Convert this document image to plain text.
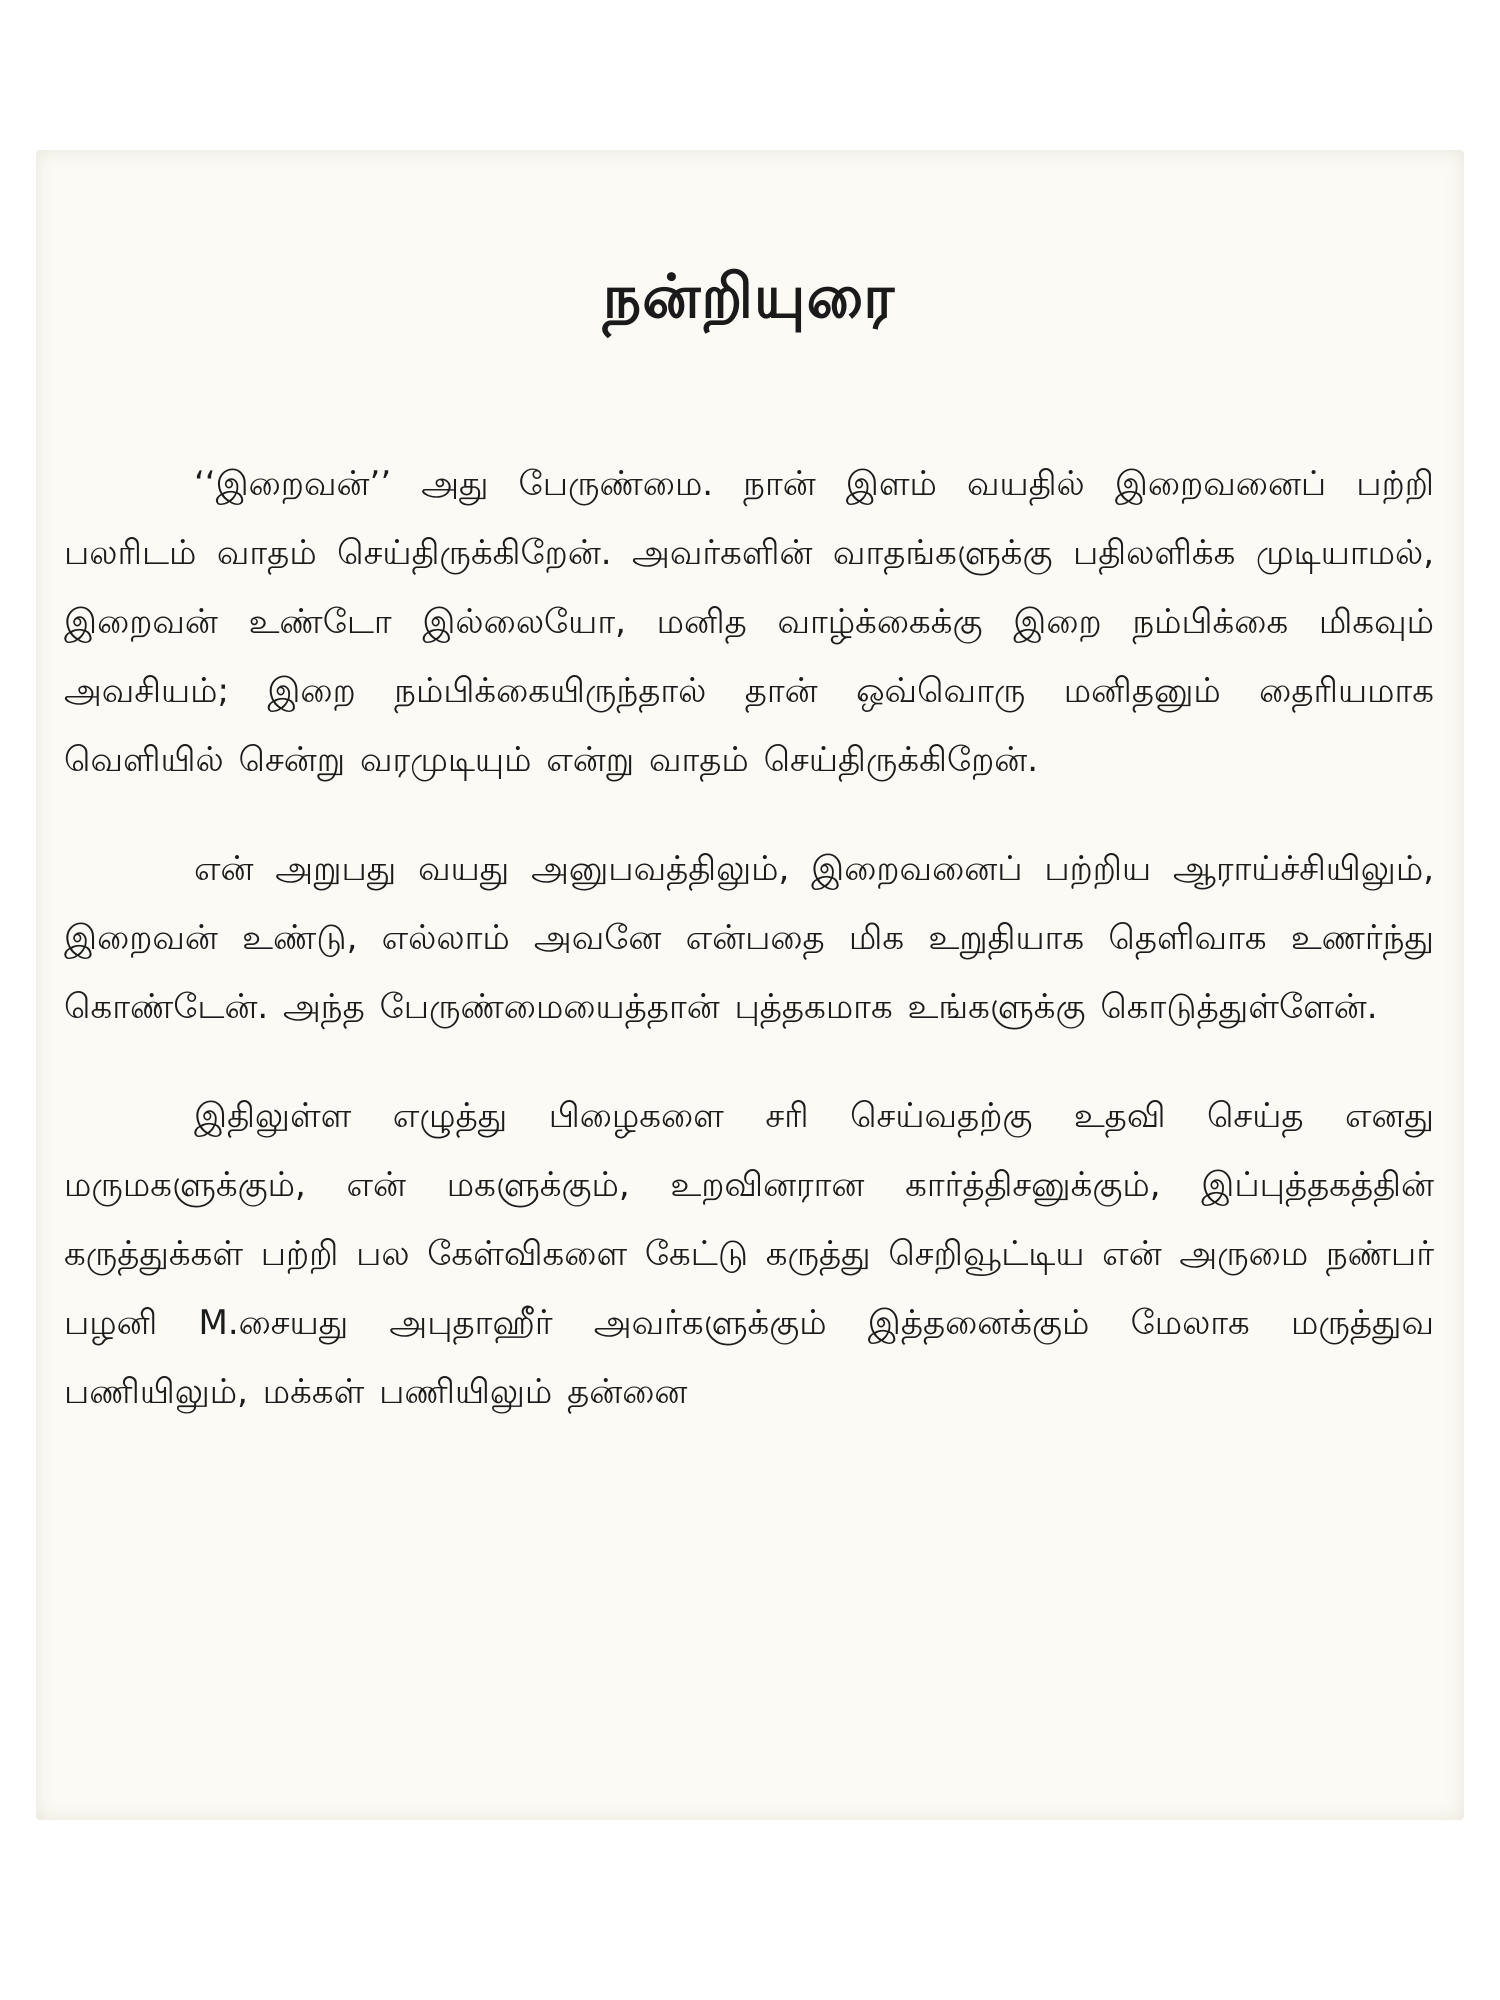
நன்றியுரை

‘‘இறைவன்’’ அது பேருண்மை. நான் இளம் வயதில் இறைவனைப் பற்றி பலரிடம் வாதம் செய்திருக்கிறேன். அவர்களின் வாதங்களுக்கு பதிலளிக்க முடியாமல், இறைவன் உண்டோ இல்லையோ, மனித வாழ்க்கைக்கு இறை நம்பிக்கை மிகவும் அவசியம்; இறை நம்பிக்கையிருந்தால் தான் ஒவ்வொரு மனிதனும் தைரியமாக வெளியில் சென்று வரமுடியும் என்று வாதம் செய்திருக்கிறேன்.

என் அறுபது வயது அனுபவத்திலும், இறைவனைப் பற்றிய ஆராய்ச்சியிலும், இறைவன் உண்டு, எல்லாம் அவனே என்பதை மிக உறுதியாக தெளிவாக உணர்ந்து கொண்டேன். அந்த பேருண்மையைத்தான் புத்தகமாக உங்களுக்கு கொடுத்துள்ளேன்.

இதிலுள்ள எழுத்து பிழைகளை சரி செய்வதற்கு உதவி செய்த எனது மருமகளுக்கும், என் மகளுக்கும், உறவினரான கார்த்திசனுக்கும், இப்புத்தகத்தின் கருத்துக்கள் பற்றி பல கேள்விகளை கேட்டு கருத்து செறிவூட்டிய என் அருமை நண்பர் பழனி M.சையது அபுதாஹீர் அவர்களுக்கும் இத்தனைக்கும் மேலாக மருத்துவ பணியிலும், மக்கள் பணியிலும் தன்னை
